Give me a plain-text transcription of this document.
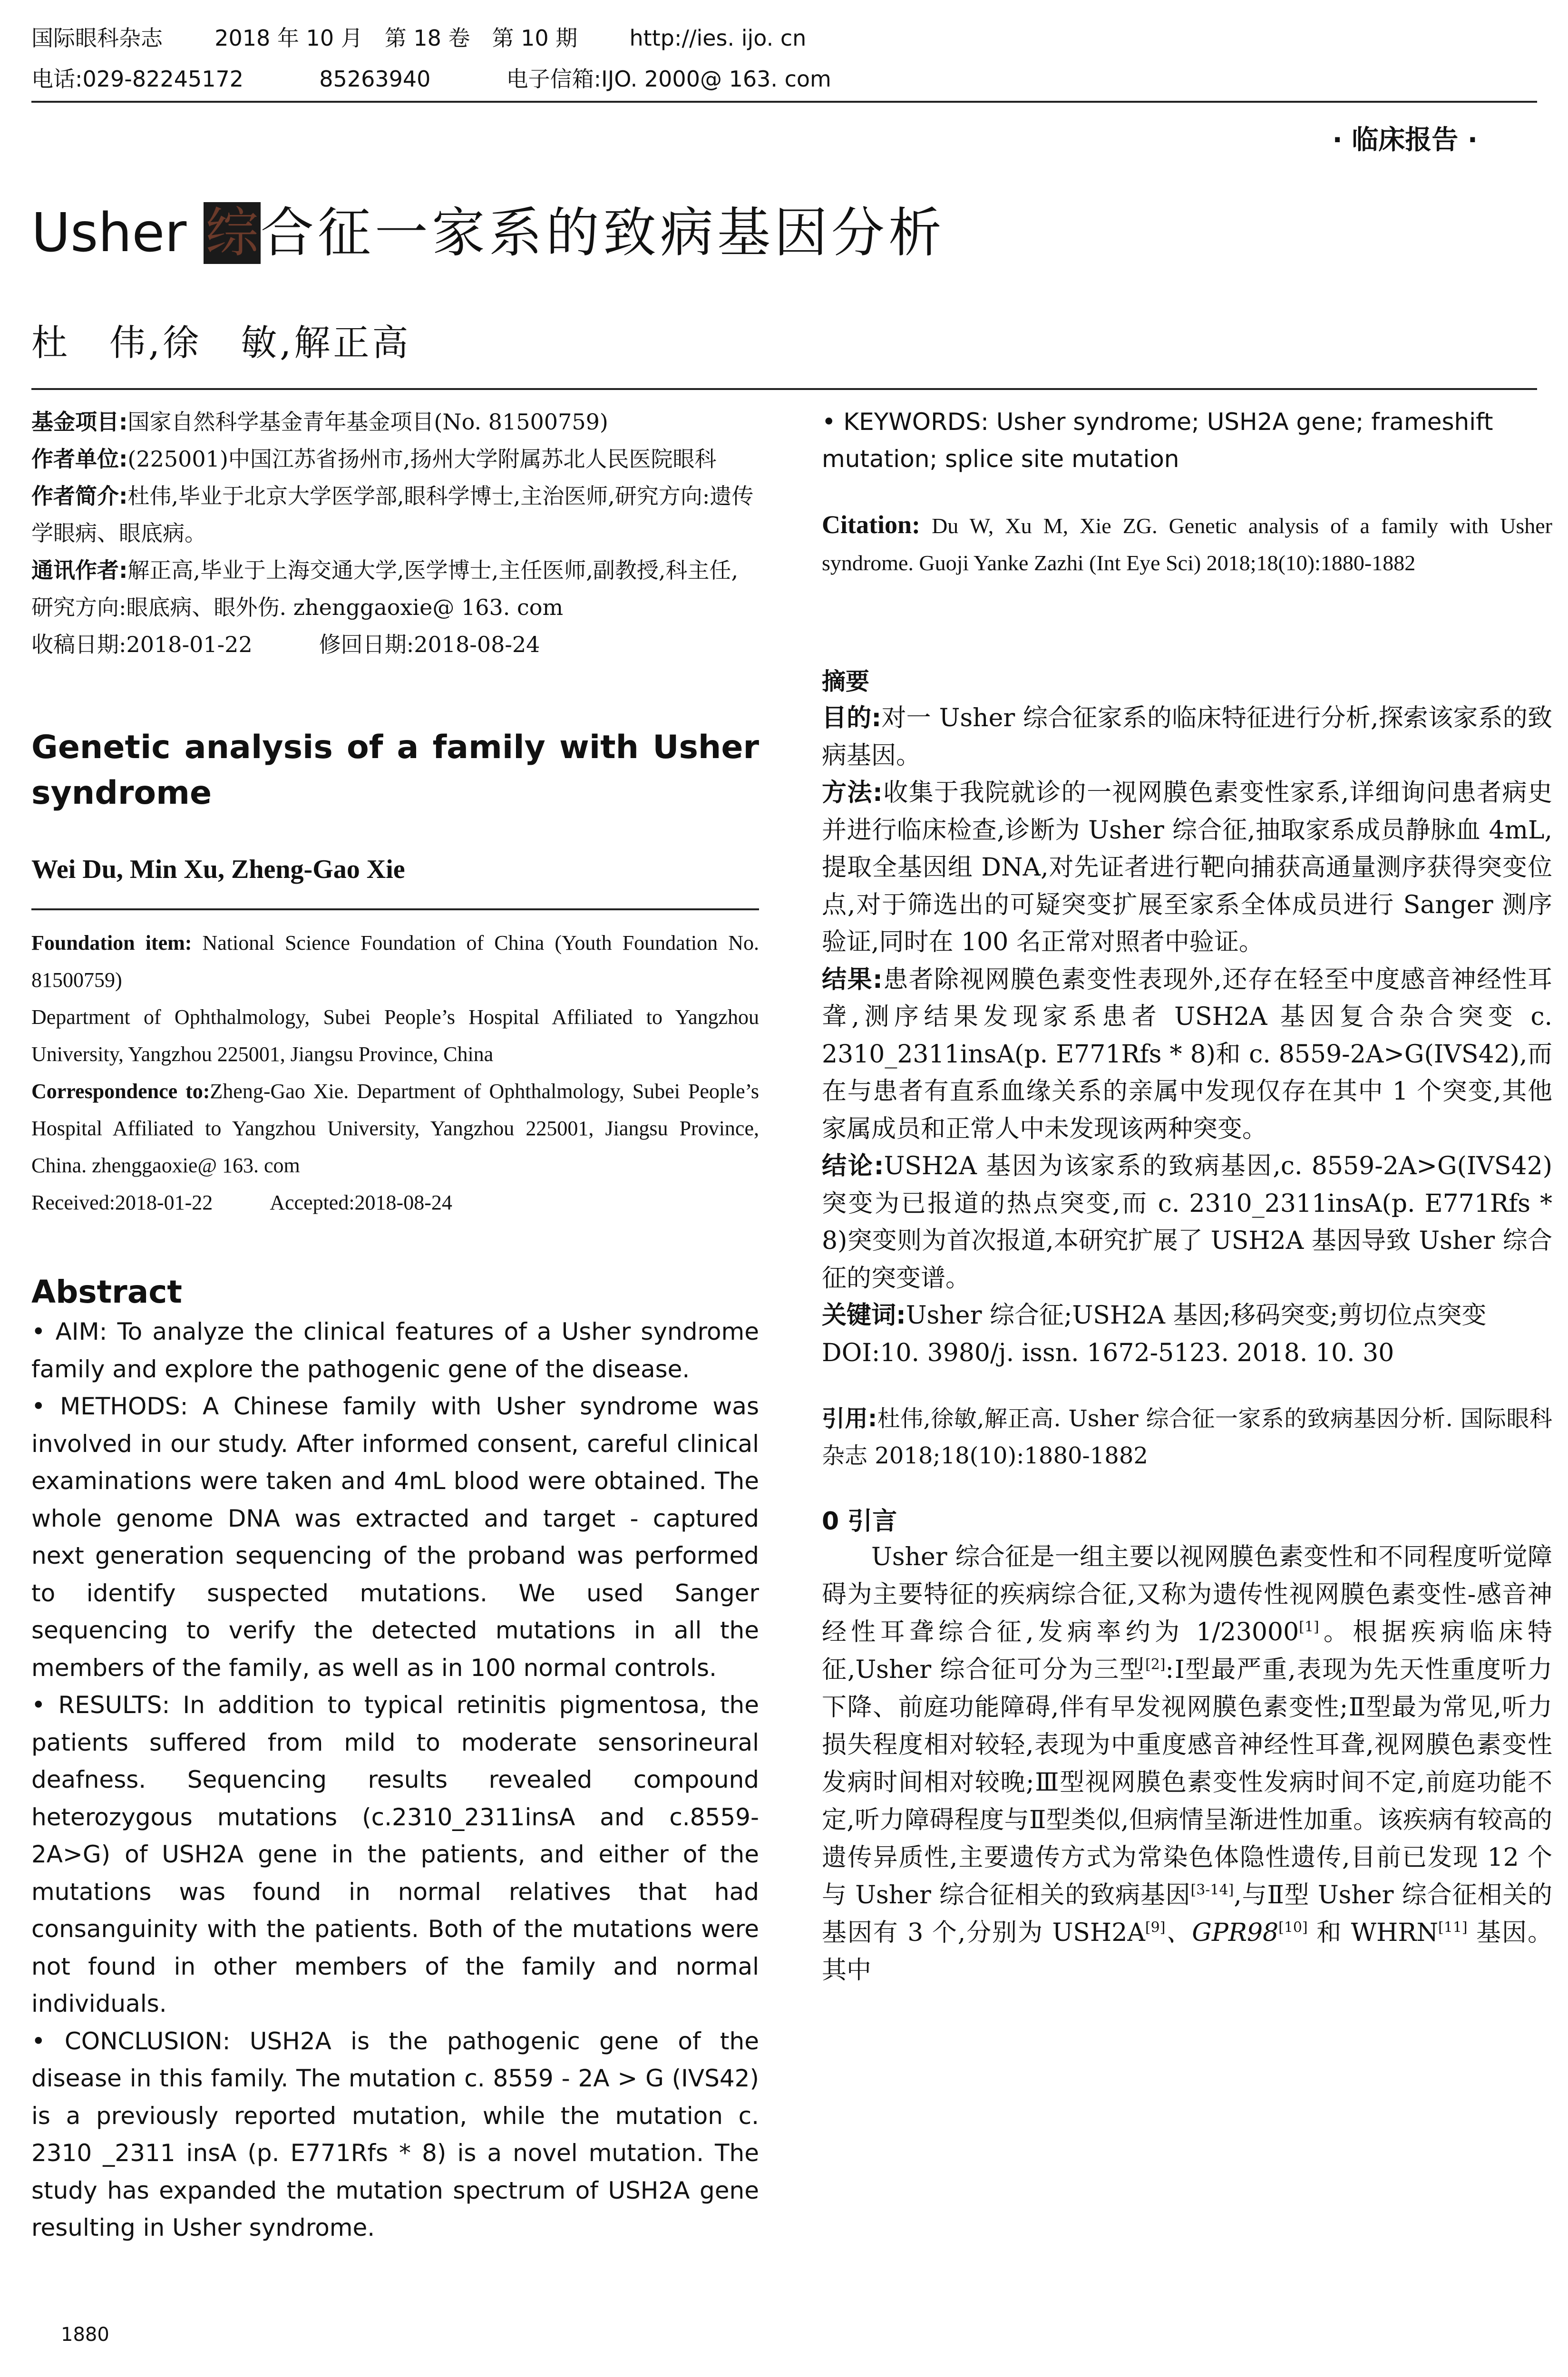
国际眼科杂志 2018 年 10 月　第 18 卷　第 10 期 http://ies. ijo. cn
电话:029-82245172	85263940	电子信箱:IJO. 2000@ 163. com
· 临床报告 ·
Usher 综合征一家系的致病基因分析
杜　伟,徐　敏,解正高

基金项目:国家自然科学基金青年基金项目(No. 81500759)

作者单位:(225001)中国江苏省扬州市,扬州大学附属苏北人民医院眼科

作者简介:杜伟,毕业于北京大学医学部,眼科学博士,主治医师,研究方向:遗传学眼病、眼底病。

通讯作者:解正高,毕业于上海交通大学,医学博士,主任医师,副教授,科主任,研究方向:眼底病、眼外伤. zhenggaoxie@ 163. com

收稿日期:2018-01-22	修回日期:2018-08-24

Genetic analysis of a family with Usher syndrome
Wei Du, Min Xu, Zheng-Gao Xie

Foundation item: National Science Foundation of China (Youth Foundation No. 81500759)

Department of Ophthalmology, Subei People’s Hospital Affiliated to Yangzhou University, Yangzhou 225001, Jiangsu Province, China

Correspondence to:Zheng-Gao Xie. Department of Ophthalmology, Subei People’s Hospital Affiliated to Yangzhou University, Yangzhou 225001, Jiangsu Province, China. zhenggaoxie@ 163. com

Received:2018-01-22	Accepted:2018-08-24

Abstract

• AIM: To analyze the clinical features of a Usher syndrome family and explore the pathogenic gene of the disease.

• METHODS: A Chinese family with Usher syndrome was involved in our study. After informed consent, careful clinical examinations were taken and 4mL blood were obtained. The whole genome DNA was extracted and target - captured next generation sequencing of the proband was performed to identify suspected mutations. We used Sanger sequencing to verify the detected mutations in all the members of the family, as well as in 100 normal controls.

• RESULTS: In addition to typical retinitis pigmentosa, the patients suffered from mild to moderate sensorineural deafness. Sequencing results revealed compound heterozygous mutations (c.2310_2311insA and c.8559-2A>G) of USH2A gene in the patients, and either of the mutations was found in normal relatives that had consanguinity with the patients. Both of the mutations were not found in other members of the family and normal individuals.

• CONCLUSION: USH2A is the pathogenic gene of the disease in this family. The mutation c. 8559 - 2A > G (IVS42) is a previously reported mutation, while the mutation c. 2310 _2311 insA (p. E771Rfs * 8) is a novel mutation. The study has expanded the mutation spectrum of USH2A gene resulting in Usher syndrome.

• KEYWORDS: Usher syndrome; USH2A gene; frameshift mutation; splice site mutation
Citation: Du W, Xu M, Xie ZG. Genetic analysis of a family with Usher syndrome. Guoji Yanke Zazhi (Int Eye Sci) 2018;18(10):1880-1882
摘要

目的:对一 Usher 综合征家系的临床特征进行分析,探索该家系的致病基因。

方法:收集于我院就诊的一视网膜色素变性家系,详细询问患者病史并进行临床检查,诊断为 Usher 综合征,抽取家系成员静脉血 4mL,提取全基因组 DNA,对先证者进行靶向捕获高通量测序获得突变位点,对于筛选出的可疑突变扩展至家系全体成员进行 Sanger 测序验证,同时在 100 名正常对照者中验证。

结果:患者除视网膜色素变性表现外,还存在轻至中度感音神经性耳聋,测序结果发现家系患者 USH2A 基因复合杂合突变 c. 2310_2311insA(p. E771Rfs * 8)和 c. 8559-2A>G(IVS42),而在与患者有直系血缘关系的亲属中发现仅存在其中 1 个突变,其他家属成员和正常人中未发现该两种突变。

结论:USH2A 基因为该家系的致病基因,c. 8559-2A>G(IVS42)突变为已报道的热点突变,而 c. 2310_2311insA(p. E771Rfs * 8)突变则为首次报道,本研究扩展了 USH2A 基因导致 Usher 综合征的突变谱。

关键词:Usher 综合征;USH2A 基因;移码突变;剪切位点突变

DOI:10. 3980/j. issn. 1672-5123. 2018. 10. 30

引用:杜伟,徐敏,解正高. Usher 综合征一家系的致病基因分析. 国际眼科杂志 2018;18(10):1880-1882
0 引言

Usher 综合征是一组主要以视网膜色素变性和不同程度听觉障碍为主要特征的疾病综合征,又称为遗传性视网膜色素变性-感音神经性耳聋综合征,发病率约为 1/23000[1]。根据疾病临床特征,Usher 综合征可分为三型[2]:Ⅰ型最严重,表现为先天性重度听力下降、前庭功能障碍,伴有早发视网膜色素变性;Ⅱ型最为常见,听力损失程度相对较轻,表现为中重度感音神经性耳聋,视网膜色素变性发病时间相对较晚;Ⅲ型视网膜色素变性发病时间不定,前庭功能不定,听力障碍程度与Ⅱ型类似,但病情呈渐进性加重。该疾病有较高的遗传异质性,主要遗传方式为常染色体隐性遗传,目前已发现 12 个与 Usher 综合征相关的致病基因[3-14],与Ⅱ型 Usher 综合征相关的基因有 3 个,分别为 USH2A[9]、GPR98[10] 和 WHRN[11] 基因。其中

1880
